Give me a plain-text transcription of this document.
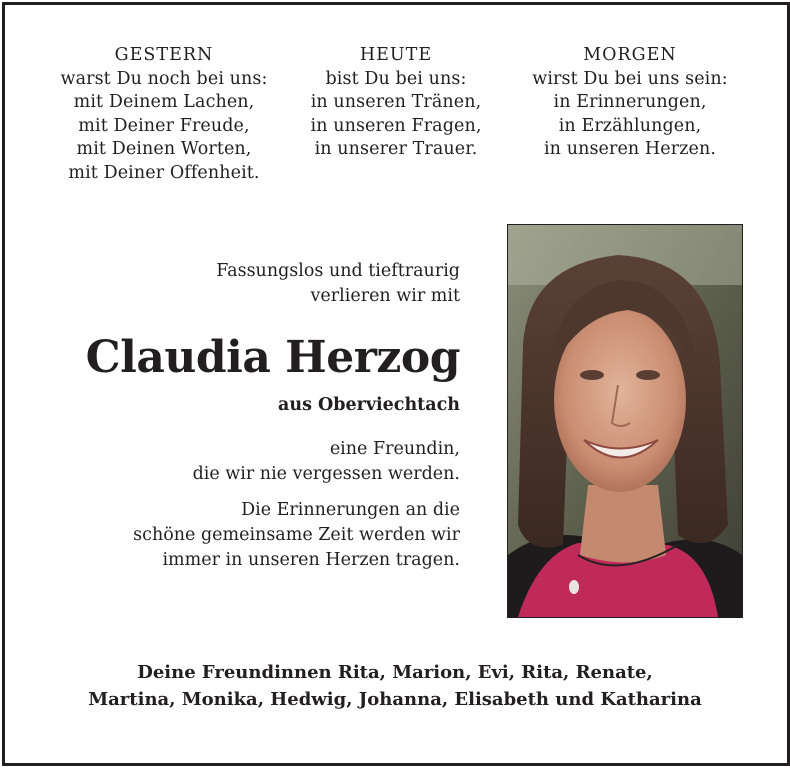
GESTERN
warst Du noch bei uns:
mit Deinem Lachen,
mit Deiner Freude,
mit Deinen Worten,
mit Deiner Offenheit.
HEUTE
bist Du bei uns:
in unseren Tränen,
in unseren Fragen,
in unserer Trauer.
MORGEN
wirst Du bei uns sein:
in Erinnerungen,
in Erzählungen,
in unseren Herzen.
Fassungslos und tieftraurig
verlieren wir mit
Claudia Herzog
aus Oberviechtach
eine Freundin,
die wir nie vergessen werden.
Die Erinnerungen an die
schöne gemeinsame Zeit werden wir
immer in unseren Herzen tragen.
Deine Freundinnen Rita, Marion, Evi, Rita, Renate,
Martina, Monika, Hedwig, Johanna, Elisabeth und Katharina
